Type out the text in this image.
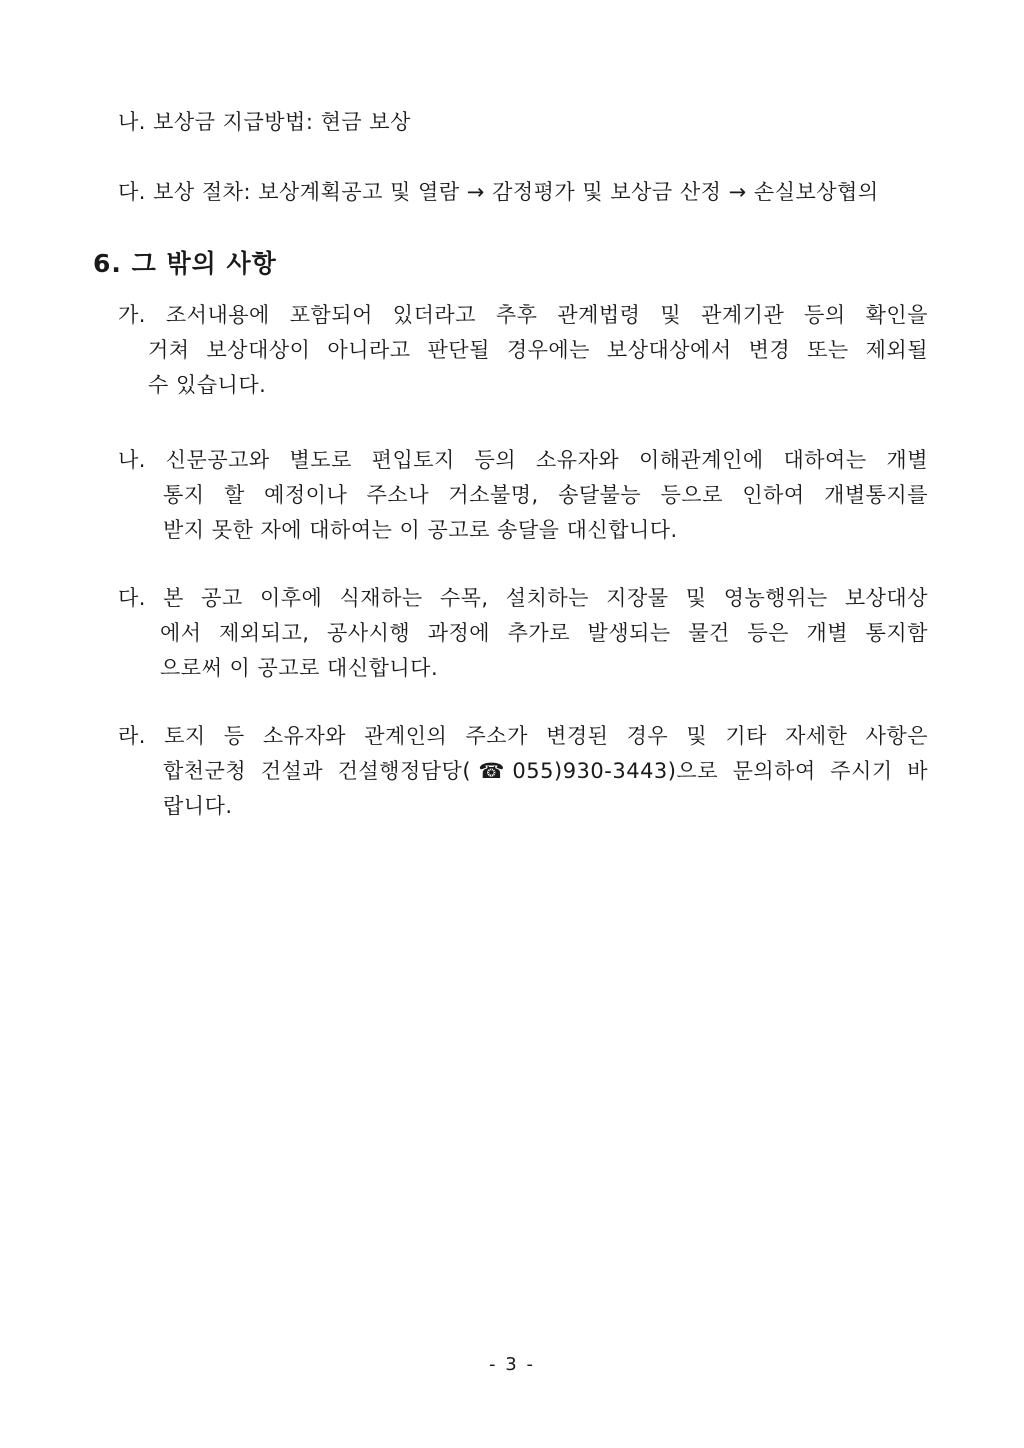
나. 보상금 지급방법: 현금 보상
다. 보상 절차: 보상계획공고 및 열람 → 감정평가 및 보상금 산정 → 손실보상협의
6. 그 밖의 사항
가. 조서내용에 포함되어 있더라고 추후 관계법령 및 관계기관 등의 확인을
거쳐 보상대상이 아니라고 판단될 경우에는 보상대상에서 변경 또는 제외될
수 있습니다.
나. 신문공고와 별도로 편입토지 등의 소유자와 이해관계인에 대하여는 개별
통지 할 예정이나 주소나 거소불명, 송달불능 등으로 인하여 개별통지를
받지 못한 자에 대하여는 이 공고로 송달을 대신합니다.
다. 본 공고 이후에 식재하는 수목, 설치하는 지장물 및 영농행위는 보상대상
에서 제외되고, 공사시행 과정에 추가로 발생되는 물건 등은 개별 통지함
으로써 이 공고로 대신합니다.
라. 토지 등 소유자와 관계인의 주소가 변경된 경우 및 기타 자세한 사항은
합천군청 건설과 건설행정담당(☎055)930-3443)으로 문의하여 주시기 바
랍니다.
- 3 -
